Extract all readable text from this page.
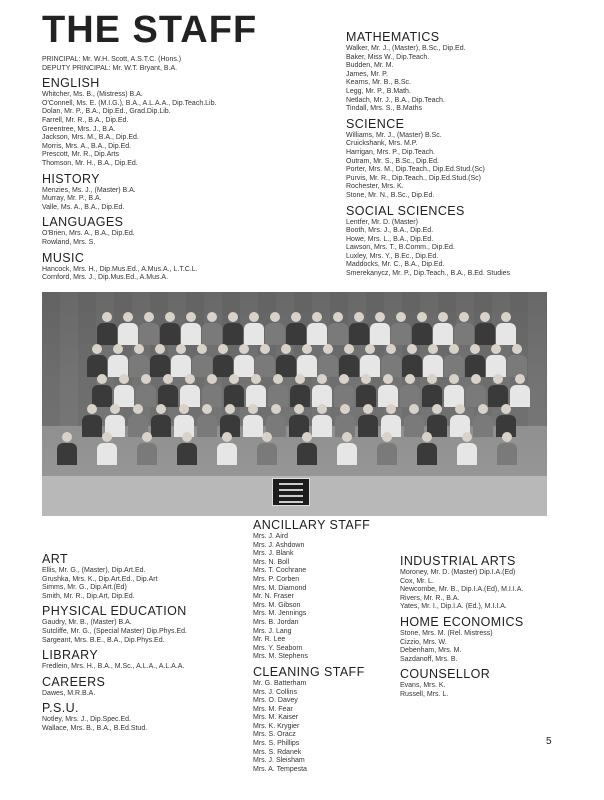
THE STAFF
PRINCIPAL: Mr. W.H. Scott, A.S.T.C. (Hons.)
DEPUTY PRINCIPAL: Mr. W.T. Bryant, B.A.
ENGLISH
Whitcher, Ms. B., (Mistress) B.A.
O'Connell, Ms. E. (M.I.G.), B.A., A.L.A.A., Dip.Teach.Lib.
Dolan, Mr. P., B.A., Dip.Ed., Grad.Dip.Lib.
Farrell, Mr. R., B.A., Dip.Ed.
Greentree, Mrs. J., B.A.
Jackson, Mrs. M., B.A., Dip.Ed.
Morris, Mrs. A., B.A., Dip.Ed.
Prescott, Mr. R., Dip.Arts
Thomson, Mr. H., B.A., Dip.Ed.
HISTORY
Menzies, Ms. J., (Master) B.A.
Murray, Mr. P., B.A.
Valle, Ms. A., B.A., Dip.Ed.
LANGUAGES
O'Brien, Mrs. A., B.A., Dip.Ed.
Rowland, Mrs. S.
MUSIC
Hancock, Mrs. H., Dip.Mus.Ed., A.Mus.A., L.T.C.L.
Cornford, Mrs. J., Dip.Mus.Ed., A.Mus.A.
MATHEMATICS
Walker, Mr. J., (Master), B.Sc., Dip.Ed.
Baker, Miss W., Dip.Teach.
Budden, Mr. M.
James, Mr. P.
Kearns, Mr. B., B.Sc.
Legg, Mr. P., B.Math.
Netlach, Mr. J., B.A., Dip.Teach.
Tindall, Mrs. S., B.Maths
SCIENCE
Williams, Mr. J., (Master) B.Sc.
Cruickshank, Mrs. M.P.
Harrigan, Mrs. P., Dip.Teach.
Outram, Mr. S., B.Sc., Dip.Ed.
Porter, Mrs. M., Dip.Teach., Dip.Ed.Stud.(Sc)
Purvis, Mr. R., Dip.Teach., Dip.Ed.Stud.(Sc)
Rochester, Mrs. K.
Stone, Mr. N., B.Sc., Dip.Ed.
SOCIAL SCIENCES
Lentfer, Mr. D. (Master)
Booth, Mrs. J., B.A., Dip.Ed.
Howe, Mrs. L., B.A., Dip.Ed.
Lawson, Mrs. T., B.Comm., Dip.Ed.
Luxley, Mrs. Y., B.Ec., Dip.Ed.
Maddocks, Mr. C., B.A., Dip.Ed.
Smerekanycz, Mr. P., Dip.Teach., B.A., B.Ed. Studies
ART
Ellis, Mr. G., (Master), Dip.Art.Ed.
Grushka, Mrs. K., Dip.Art.Ed., Dip.Art
Simms, Mr. G., Dip.Art.(Ed)
Smith, Mr. R., Dip.Art, Dip.Ed.
PHYSICAL EDUCATION
Gaudry, Mr. B., (Master) B.A.
Sutcliffe, Mr. G., (Special Master) Dip.Phys.Ed.
Sargeant, Mrs. B.E., B.A., Dip.Phys.Ed.
LIBRARY
Fredlein, Mrs. H., B.A., M.Sc., A.L.A., A.L.A.A.
CAREERS
Dawes, M.R.B.A.
P.S.U.
Notley, Mrs. J., Dip.Spec.Ed.
Wallace, Mrs. B., B.A., B.Ed.Stud.
ANCILLARY STAFF
Mrs. J. Aird
Mrs. J. Ashdown
Mrs. J. Blank
Mrs. N. Boll
Mrs. T. Cochrane
Mrs. P. Corben
Mrs. M. Diamond
Mr. N. Fraser
Mrs. M. Gibson
Mrs. M. Jennings
Mrs. B. Jordan
Mrs. J. Lang
Mr. R. Lee
Mrs. Y. Seaborn
Mrs. M. Stephens
CLEANING STAFF
Mr. G. Batterham
Mrs. J. Collins
Mrs. O. Davey
Mrs. M. Fear
Mrs. M. Kaiser
Mrs. K. Krygier
Mrs. S. Oracz
Mrs. S. Phillips
Mrs. S. Rdanek
Mrs. J. Sleisham
Mrs. A. Tempesta
INDUSTRIAL ARTS
Moroney, Mr. D. (Master) Dip.I.A.(Ed)
Cox, Mr. L.
Newcombe, Mr. B., Dip.I.A.(Ed), M.I.I.A.
Rivers, Mr. R., B.A.
Yates, Mr. I., Dip.I.A. (Ed.), M.I.I.A.
HOME ECONOMICS
Stone, Mrs. M. (Rel. Mistress)
Cizzio, Mrs. W.
Debenham, Mrs. M.
Sazdanoff, Mrs. B.
COUNSELLOR
Evans, Mrs. K.
Russell, Mrs. L.
5
